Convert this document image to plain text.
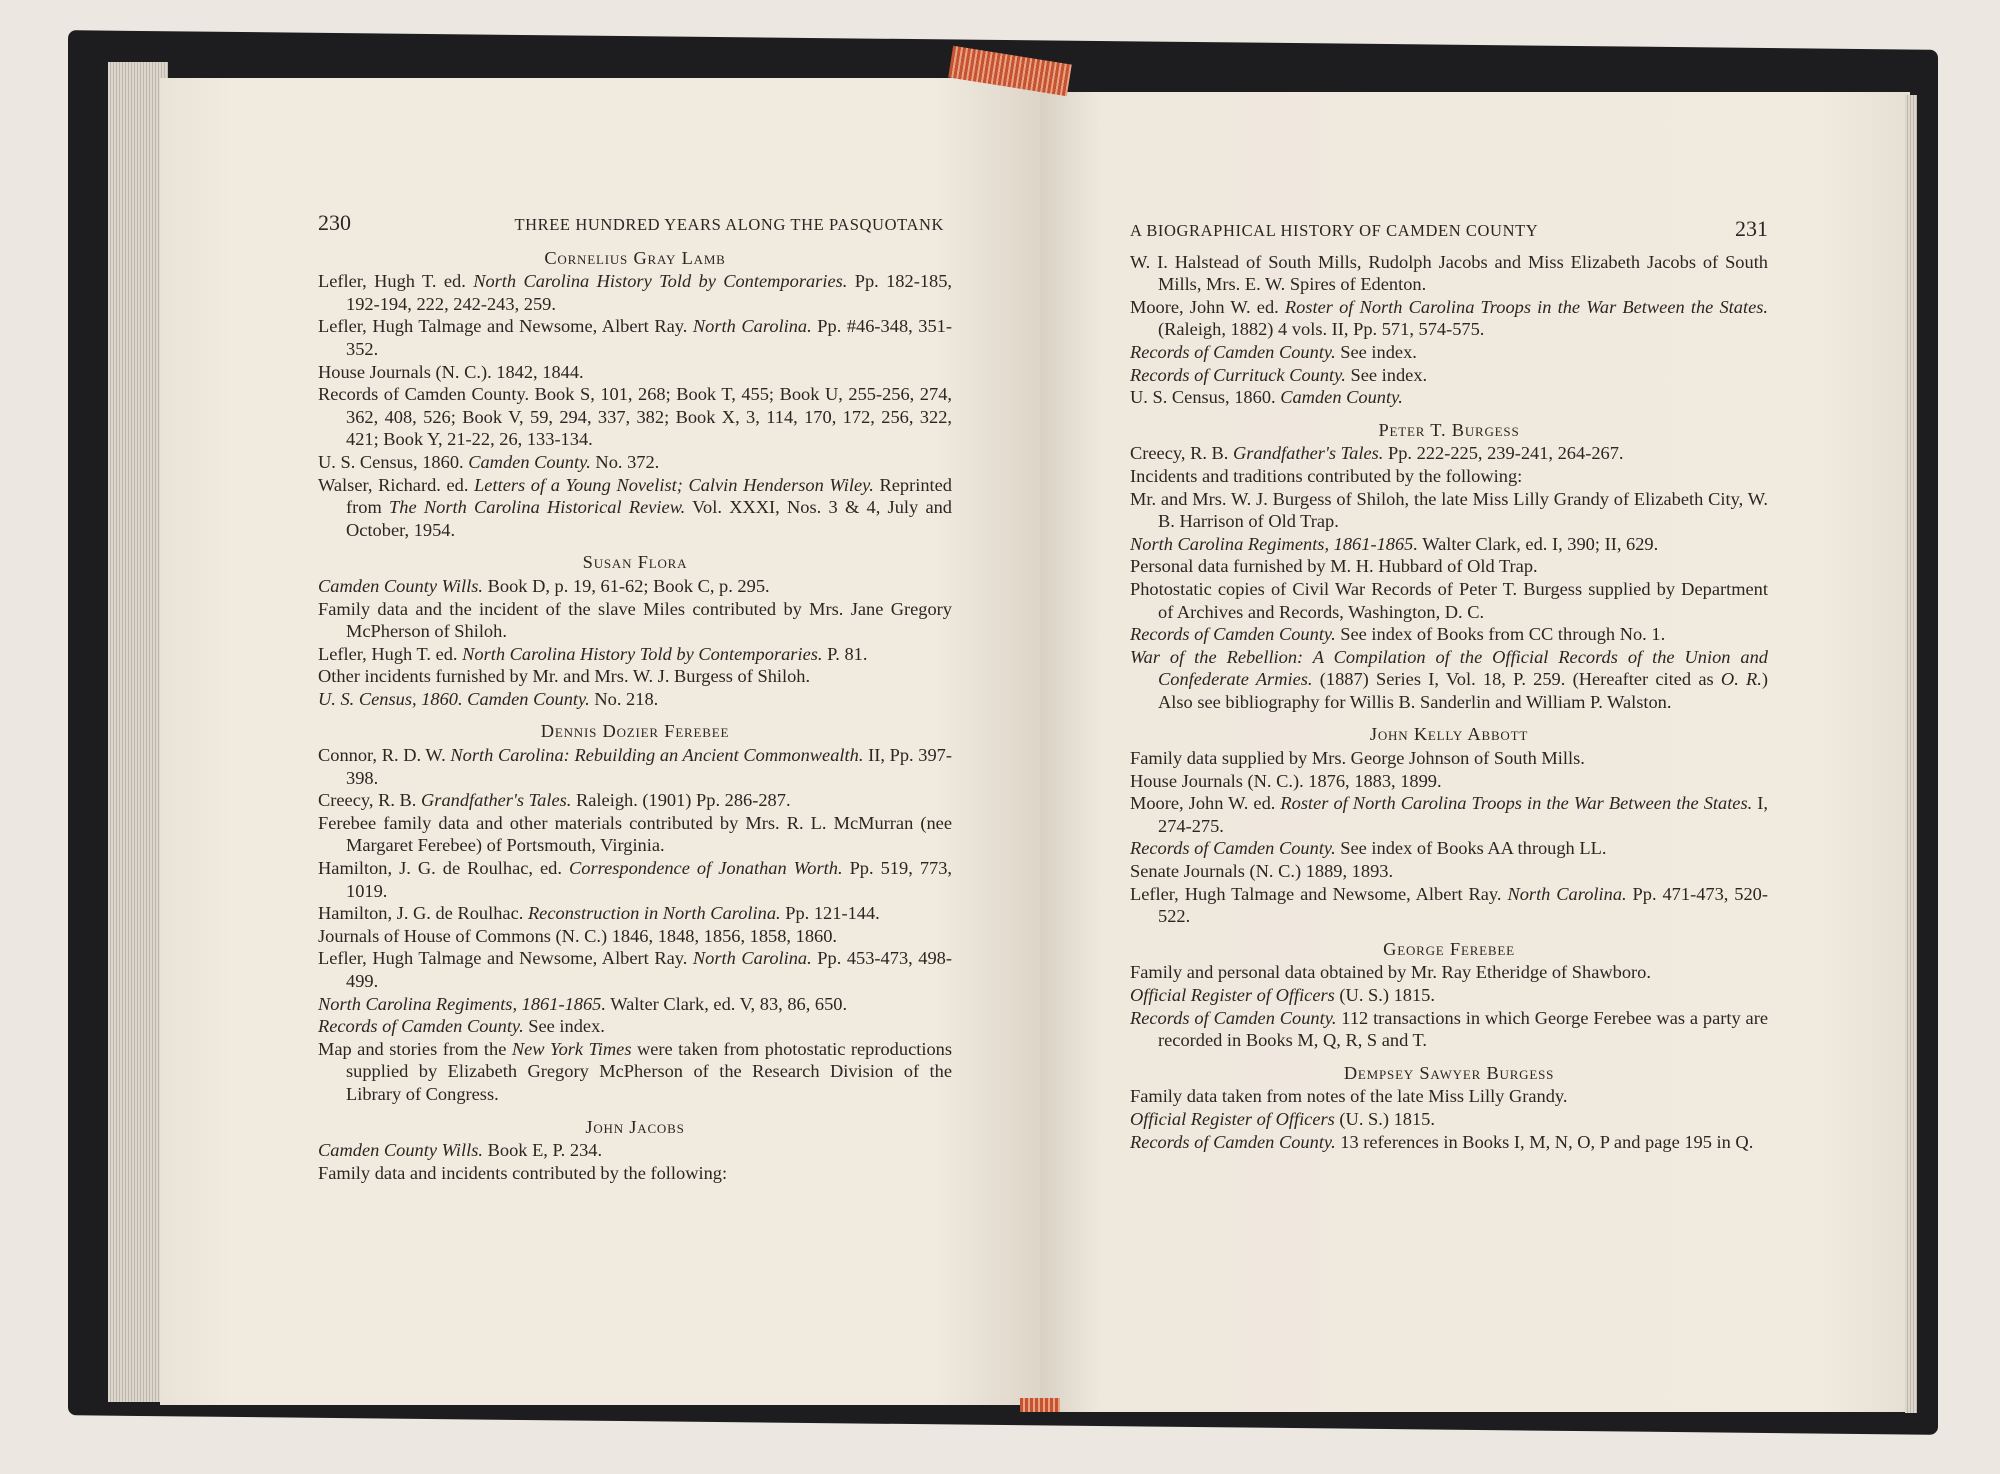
230	THREE HUNDRED YEARS ALONG THE PASQUOTANK
Cornelius Gray Lamb
Lefler, Hugh T. ed. North Carolina History Told by Contemporaries. Pp. 182-185, 192-194, 222, 242-243, 259.
Lefler, Hugh Talmage and Newsome, Albert Ray. North Carolina. Pp. #46-348, 351-352.
House Journals (N. C.). 1842, 1844.
Records of Camden County. Book S, 101, 268; Book T, 455; Book U, 255-256, 274, 362, 408, 526; Book V, 59, 294, 337, 382; Book X, 3, 114, 170, 172, 256, 322, 421; Book Y, 21-22, 26, 133-134.
U. S. Census, 1860. Camden County. No. 372.
Walser, Richard. ed. Letters of a Young Novelist; Calvin Henderson Wiley. Reprinted from The North Carolina Historical Review. Vol. XXXI, Nos. 3 & 4, July and October, 1954.
Susan Flora
Camden County Wills. Book D, p. 19, 61-62; Book C, p. 295.
Family data and the incident of the slave Miles contributed by Mrs. Jane Gregory McPherson of Shiloh.
Lefler, Hugh T. ed. North Carolina History Told by Contemporaries. P. 81.
Other incidents furnished by Mr. and Mrs. W. J. Burgess of Shiloh.
U. S. Census, 1860. Camden County. No. 218.
Dennis Dozier Ferebee
Connor, R. D. W. North Carolina: Rebuilding an Ancient Commonwealth. II, Pp. 397-398.
Creecy, R. B. Grandfather's Tales. Raleigh. (1901) Pp. 286-287.
Ferebee family data and other materials contributed by Mrs. R. L. McMurran (nee Margaret Ferebee) of Portsmouth, Virginia.
Hamilton, J. G. de Roulhac, ed. Correspondence of Jonathan Worth. Pp. 519, 773, 1019.
Hamilton, J. G. de Roulhac. Reconstruction in North Carolina. Pp. 121-144.
Journals of House of Commons (N. C.) 1846, 1848, 1856, 1858, 1860.
Lefler, Hugh Talmage and Newsome, Albert Ray. North Carolina. Pp. 453-473, 498-499.
North Carolina Regiments, 1861-1865. Walter Clark, ed. V, 83, 86, 650.
Records of Camden County. See index.
Map and stories from the New York Times were taken from photostatic reproductions supplied by Elizabeth Gregory McPherson of the Research Division of the Library of Congress.
John Jacobs
Camden County Wills. Book E, P. 234.
Family data and incidents contributed by the following:
A BIOGRAPHICAL HISTORY OF CAMDEN COUNTY	231
W. I. Halstead of South Mills, Rudolph Jacobs and Miss Elizabeth Jacobs of South Mills, Mrs. E. W. Spires of Edenton.
Moore, John W. ed. Roster of North Carolina Troops in the War Between the States. (Raleigh, 1882) 4 vols. II, Pp. 571, 574-575.
Records of Camden County. See index.
Records of Currituck County. See index.
U. S. Census, 1860. Camden County.
Peter T. Burgess
Creecy, R. B. Grandfather's Tales. Pp. 222-225, 239-241, 264-267.
Incidents and traditions contributed by the following:
Mr. and Mrs. W. J. Burgess of Shiloh, the late Miss Lilly Grandy of Elizabeth City, W. B. Harrison of Old Trap.
North Carolina Regiments, 1861-1865. Walter Clark, ed. I, 390; II, 629.
Personal data furnished by M. H. Hubbard of Old Trap.
Photostatic copies of Civil War Records of Peter T. Burgess supplied by Department of Archives and Records, Washington, D. C.
Records of Camden County. See index of Books from CC through No. 1.
War of the Rebellion: A Compilation of the Official Records of the Union and Confederate Armies. (1887) Series I, Vol. 18, P. 259. (Hereafter cited as O. R.) Also see bibliography for Willis B. Sanderlin and William P. Walston.
John Kelly Abbott
Family data supplied by Mrs. George Johnson of South Mills.
House Journals (N. C.). 1876, 1883, 1899.
Moore, John W. ed. Roster of North Carolina Troops in the War Between the States. I, 274-275.
Records of Camden County. See index of Books AA through LL.
Senate Journals (N. C.) 1889, 1893.
Lefler, Hugh Talmage and Newsome, Albert Ray. North Carolina. Pp. 471-473, 520-522.
George Ferebee
Family and personal data obtained by Mr. Ray Etheridge of Shawboro.
Official Register of Officers (U. S.) 1815.
Records of Camden County. 112 transactions in which George Ferebee was a party are recorded in Books M, Q, R, S and T.
Dempsey Sawyer Burgess
Family data taken from notes of the late Miss Lilly Grandy.
Official Register of Officers (U. S.) 1815.
Records of Camden County. 13 references in Books I, M, N, O, P and page 195 in Q.
